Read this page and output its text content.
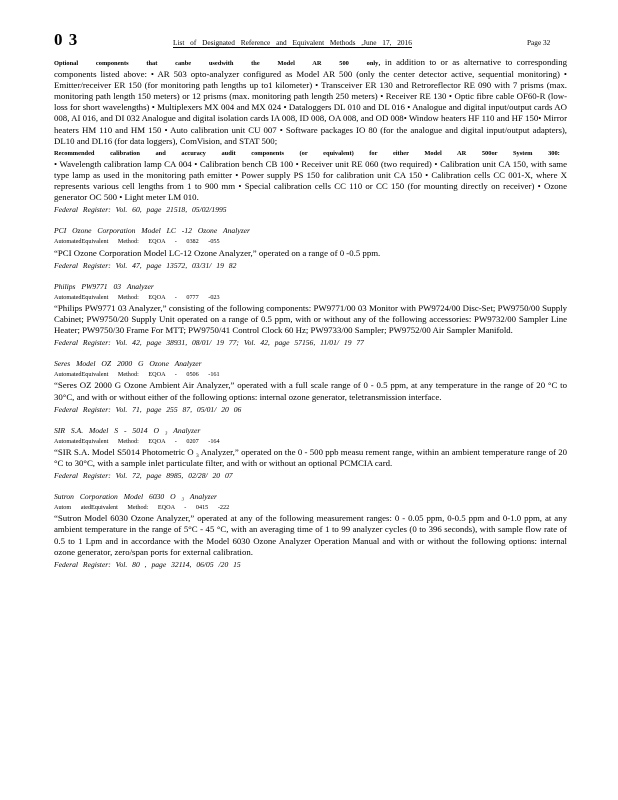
0 3	List of Designated Reference and Equivalent Methods ,June 17, 2016	Page 32

Optional components that canbe usedwith the Model AR 500 only, in addition to or as alternative to corresponding components listed above: • AR 503 opto-analyzer configured as Model AR 500 (only the center detector active, sequential monitoring) • Emitter/receiver ER 150 (for monitoring path lengths up to1 kilometer) • Transceiver ER 130 and Retroreflector RE 090 with 7 prisms (max. monitoring path length 150 meters) or 12 prisms (max. monitoring path length 250 meters) • Receiver RE 130 • Optic fibre cable OF60-R (low-loss for short wavelengths) • Multiplexers MX 004 and MX 024 • Dataloggers DL 010 and DL 016 • Analogue and digital input/output cards AO 008, AI 016, and DI 032 Analogue and digital isolation cards IA 008, ID 008, OA 008, and OD 008• Window heaters HF 110 and HF 150• Mirror heaters HM 110 and HM 150 • Auto calibration unit CU 007 • Software packages IO 80 (for the analogue and digital input/output adapters), DL10 and DL16 (for data loggers), ComVision, and STAT 500;
Recommended calibration and accuracy audit components (or equivalent) for either Model AR 500or System 300:
• Wavelength calibration lamp CA 004 • Calibration bench CB 100 • Receiver unit RE 060 (two required) • Calibration unit CA 150, with same type lamp as used in the monitoring path emitter • Power supply PS 150 for calibration unit CA 150 • Calibration cells CC 001-X, where X represents various cell lengths from 1 to 900 mm • Special calibration cells CC 110 or CC 150 (for mounting directly on receiver) • Ozone generator OC 500 • Light meter LM 010.

Federal Register: Vol. 60, page 21518, 05/02/1995
PCI Ozone Corporation Model LC -12 Ozone Analyzer
AutomatedEquivalent Method: EQOA - 0382 -055

“PCI Ozone Corporation Model LC-12 Ozone Analyzer,” operated on a range of 0 -0.5 ppm.

Federal Register: Vol. 47, page 13572, 03/31/ 19 82
Philips PW9771 03 Analyzer
AutomatedEquivalent Method: EQOA - 0777 -023

“Philips PW9771 03 Analyzer,” consisting of the following components: PW9771/00 03 Monitor with PW9724/00 Disc-Set; PW9750/00 Supply Cabinet; PW9750/20 Supply Unit operated on a range of 0.5 ppm, with or without any of the following accessories: PW9732/00 Sampler Line Heater; PW9750/30 Frame For MTT; PW9750/41 Control Clock 60 Hz; PW9733/00 Sampler; PW9752/00 Air Sampler Manifold.

Federal Register: Vol. 42, page 38931, 08/01/ 19 77; Vol. 42, page 57156, 11/01/ 19 77
Seres Model OZ 2000 G Ozone Analyzer
AutomatedEquivalent Method: EQOA - 0506 -161

“Seres OZ 2000 G Ozone Ambient Air Analyzer,” operated with a full scale range of 0 - 0.5 ppm, at any temperature in the range of 20 °C to 30°C, and with or without either of the following options: internal ozone generator, teletransmission interface.

Federal Register: Vol. 71, page 255 87, 05/01/ 20 06
SIR S.A. Model S - 5014 O ₃ Analyzer
AutomatedEquivalent Method: EQOA - 0207 -164

“SIR S.A. Model S5014 Photometric O ₃ Analyzer,” operated on the 0 - 500 ppb measu rement range, within an ambient temperature range of 20 °C to 30°C, with a sample inlet particulate filter, and with or without an optional PCMCIA card.

Federal Register: Vol. 72, page 8985, 02/28/ 20 07
Sutron Corporation Model 6030 O ₃ Analyzer
Autom atedEquivalent Method: EQOA - 0415 -222

“Sutron Model 6030 Ozone Analyzer,” operated at any of the following measurement ranges: 0 - 0.05 ppm, 0-0.5 ppm and 0-1.0 ppm, at any ambient temperature in the range of 5°C - 45 °C, with an averaging time of 1 to 99 analyzer cycles (0 to 396 seconds), with sample flow rate of 0.5 to 1 Lpm and in accordance with the Model 6030 Ozone Analyzer Operation Manual and with or without the following options: internal ozone generator, zero/span ports for external calibration.

Federal Register: Vol. 80 , page 32114, 06/05 /20 15
